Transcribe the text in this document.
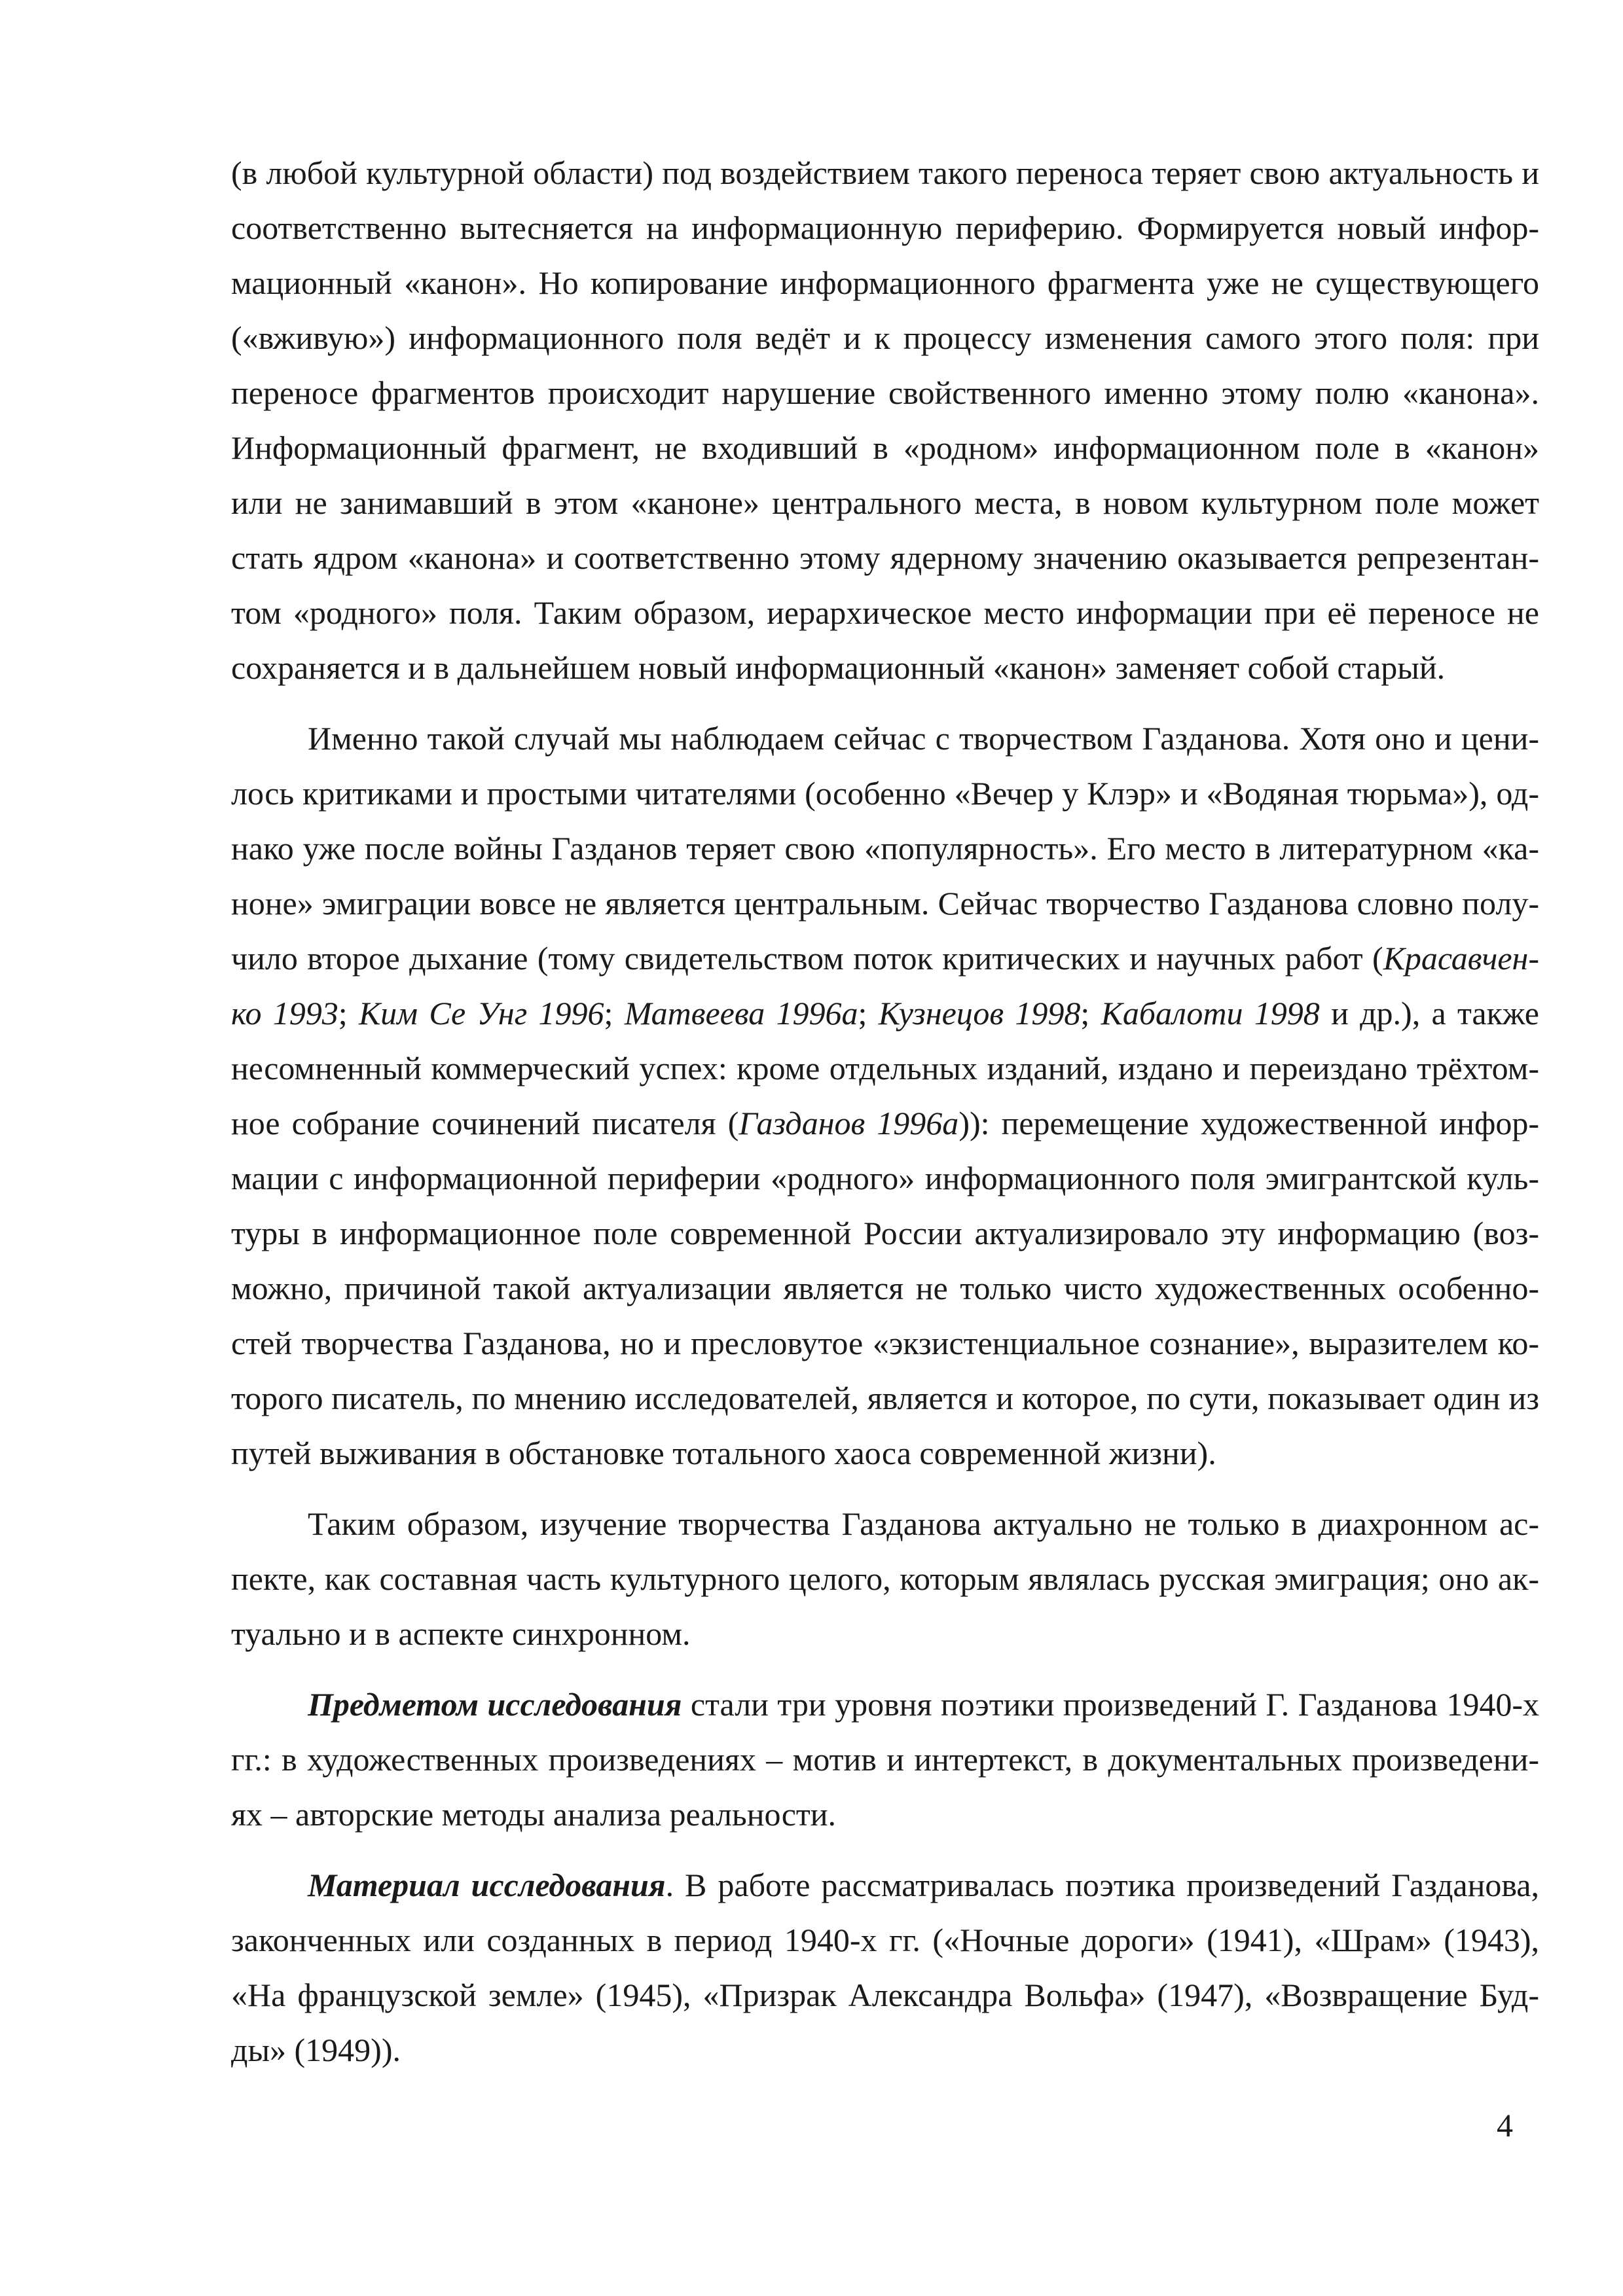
(в любой культурной области) под воздействием такого переноса теряет свою актуальность и
соответственно вытесняется на информационную периферию. Формируется новый инфор-
мационный «канон». Но копирование информационного фрагмента уже не существующего
(«вживую») информационного поля ведёт и к процессу изменения самого этого поля: при
переносе фрагментов происходит нарушение свойственного именно этому полю «канона».
Информационный фрагмент, не входивший в «родном» информационном поле в «канон»
или не занимавший в этом «каноне» центрального места, в новом культурном поле может
стать ядром «канона» и соответственно этому ядерному значению оказывается репрезентан-
том «родного» поля. Таким образом, иерархическое место информации при её переносе не
сохраняется и в дальнейшем новый информационный «канон» заменяет собой старый.
Именно такой случай мы наблюдаем сейчас с творчеством Газданова. Хотя оно и цени-
лось критиками и простыми читателями (особенно «Вечер у Клэр» и «Водяная тюрьма»), од-
нако уже после войны Газданов теряет свою «популярность». Его место в литературном «ка-
ноне» эмиграции вовсе не является центральным. Сейчас творчество Газданова словно полу-
чило второе дыхание (тому свидетельством поток критических и научных работ (Красавчен-
ко 1993; Ким Се Унг 1996; Матвеева 1996а; Кузнецов 1998; Кабалоти 1998 и др.), а также
несомненный коммерческий успех: кроме отдельных изданий, издано и переиздано трёхтом-
ное собрание сочинений писателя (Газданов 1996а)): перемещение художественной инфор-
мации с информационной периферии «родного» информационного поля эмигрантской куль-
туры в информационное поле современной России актуализировало эту информацию (воз-
можно, причиной такой актуализации является не только чисто художественных особенно-
стей творчества Газданова, но и пресловутое «экзистенциальное сознание», выразителем ко-
торого писатель, по мнению исследователей, является и которое, по сути, показывает один из
путей выживания в обстановке тотального хаоса современной жизни).
Таким образом, изучение творчества Газданова актуально не только в диахронном ас-
пекте, как составная часть культурного целого, которым являлась русская эмиграция; оно ак-
туально и в аспекте синхронном.
Предметом исследования стали три уровня поэтики произведений Г. Газданова 1940-х
гг.: в художественных произведениях – мотив и интертекст, в документальных произведени-
ях – авторские методы анализа реальности.
Материал исследования. В работе рассматривалась поэтика произведений Газданова,
законченных или созданных в период 1940-х гг. («Ночные дороги» (1941), «Шрам» (1943),
«На французской земле» (1945), «Призрак Александра Вольфа» (1947), «Возвращение Буд-
ды» (1949)).
4
